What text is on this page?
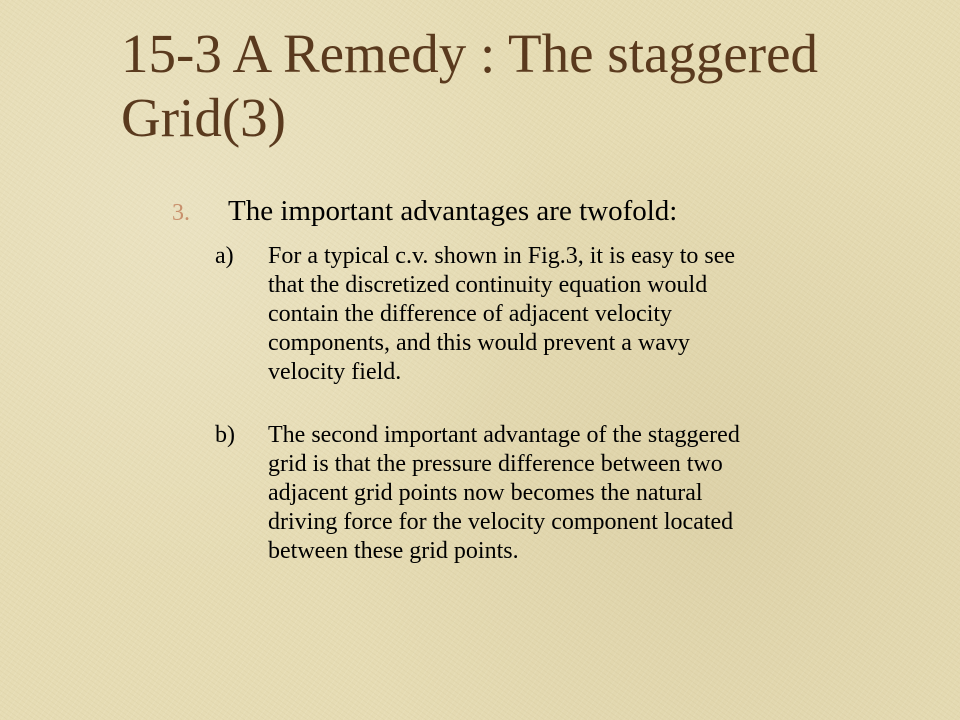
15-3 A Remedy : The staggered
Grid(3)
3. The important advantages are twofold:
a)	For a typical c.v. shown in Fig.3, it is easy to see
that the discretized continuity equation would
contain the difference of adjacent velocity
components, and this would prevent a wavy
velocity field.
b)	The second important advantage of the staggered
grid is that the pressure difference between two
adjacent grid points now becomes the natural
driving force for the velocity component located
between these grid points.
